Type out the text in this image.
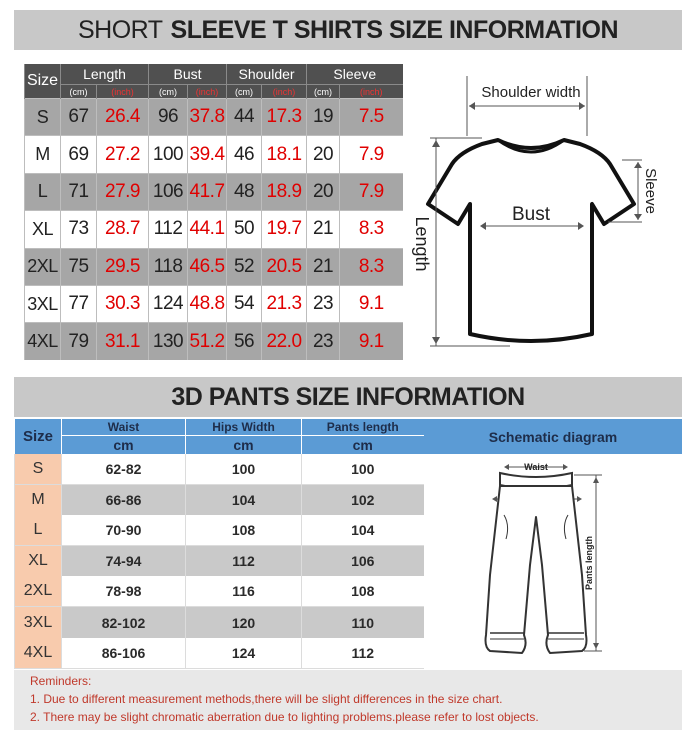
SHORT SLEEVE T SHIRTS SIZE INFORMATION
Size	Length		Bust		Shoulder		Sleeve	
	(cm)	(inch)	(cm)	(inch)	(cm)	(inch)	(cm)	(inch)
S	67	26.4	96	37.8	44	17.3	19	7.5
M	69	27.2	100	39.4	46	18.1	20	7.9
L	71	27.9	106	41.7	48	18.9	20	7.9
XL	73	28.7	112	44.1	50	19.7	21	8.3
2XL	75	29.5	118	46.5	52	20.5	21	8.3
3XL	77	30.3	124	48.8	54	21.3	23	9.1
4XL	79	31.1	130	51.2	56	22.0	23	9.1
Shoulder width
Bust
Length
Sleeve
3D PANTS SIZE INFORMATION
Size	Waist	Hips Width	Pants length
	cm	cm	cm
S	62-82	100	100
M	66-86	104	102
L	70-90	108	104
XL	74-94	112	106
2XL	78-98	116	108
3XL	82-102	120	110
4XL	86-106	124	112
Schematic diagram
Waist
Pants length
Reminders:
1. Due to different measurement methods,there will be slight differences in the size chart.
2. There may be slight chromatic aberration due to lighting problems.please refer to lost objects.
